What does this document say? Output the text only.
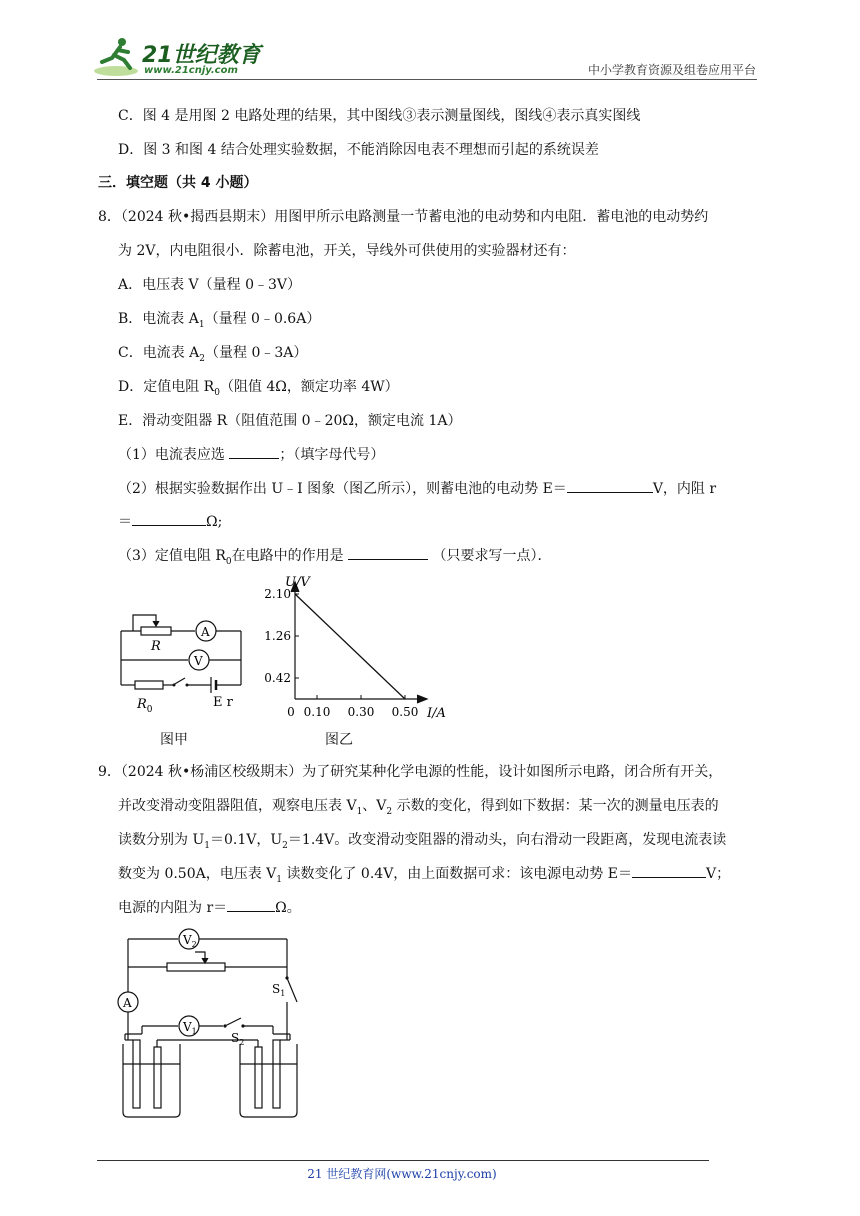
21世纪教育
www.21cnjy.com	中小学教育资源及组卷应用平台
C．图 4 是用图 2 电路处理的结果，其中图线③表示测量图线，图线④表示真实图线
D．图 3 和图 4 结合处理实验数据，不能消除因电表不理想而引起的系统误差
三．填空题（共 4 小题）
8．（2024 秋•揭西县期末）用图甲所示电路测量一节蓄电池的电动势和内电阻．蓄电池的电动势约
为 2V，内电阻很小．除蓄电池，开关，导线外可供使用的实验器材还有：
A．电压表 V（量程 0﹣3V）
B．电流表 $A_1$（量程 0﹣0.6A）
C．电流表 $A_2$（量程 0﹣3A）
D．定值电阻 $R_0$（阻值 4Ω，额定功率 4W）
E．滑动变阻器 R（阻值范围 0﹣20Ω，额定电流 1A）
（1）电流表应选	；（填字母代号）
（2）根据实验数据作出 U﹣I 图象（图乙所示），则蓄电池的电动势 E＝	V，内阻 r
＝	Ω;
（3）定值电阻 $R_0$在电路中的作用是	（只要求写一点）．
R
A
V
$R_0$	E r
图甲
2.10
1.26
0.42
0 0.10 0.30 0.50
U/V
I/A
图乙
9．（2024 秋•杨浦区校级期末）为了研究某种化学电源的性能，设计如图所示电路，闭合所有开关，
并改变滑动变阻器阻值，观察电压表 $V_1$、$V_2$ 示数的变化，得到如下数据：某一次的测量电压表的
读数分别为 $U_1=0.1V$，$U_2=1.4V$。改变滑动变阻器的滑动头，向右滑动一段距离，发现电流表读
数变为 0.50A，电压表 $V_1$ 读数变化了 0.4V，由上面数据可求：该电源电动势 E＝	V；
电源的内阻为 r＝	Ω。
$V_2$
A
$V_1$
$S_1$
$S_2$
21 世纪教育网(www.21cnjy.com)
